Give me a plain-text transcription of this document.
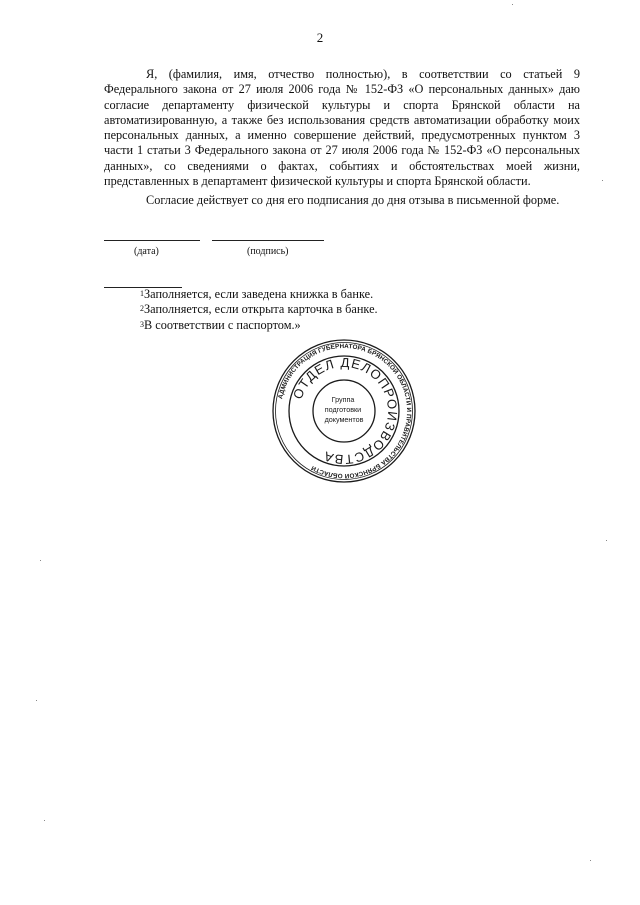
2

Я, (фамилия, имя, отчество полностью), в соответствии со статьей 9 Федерального закона от 27 июля 2006 года № 152-ФЗ «О персональных данных» даю согласие департаменту физической культуры и спорта Брянской области на автоматизированную, а также без использования средств автоматизации обработку моих персональных данных, а именно совершение действий, предусмотренных пунктом 3 части 1 статьи 3 Федерального закона от 27 июля 2006 года № 152-ФЗ «О персональных данных», со сведениями о фактах, событиях и обстоятельствах моей жизни, представленных в департамент физической культуры и спорта Брянской области.

Согласие действует со дня его подписания до дня отзыва в письменной форме.

(дата)	(подпись)
$^1$Заполняется, если заведена книжка в банке.
$^2$Заполняется, если открыта карточка в банке.
$^3$В соответствии с паспортом.»
АДМИНИСТРАЦИЯ ГУБЕРНАТОРА БРЯНСКОЙ ОБЛАСТИ И ПРАВИТЕЛЬСТВА БРЯНСКОЙ ОБЛАСТИ
ОТДЕЛ ДЕЛОПРОИЗВОДСТВА
Группа подготовки документов
